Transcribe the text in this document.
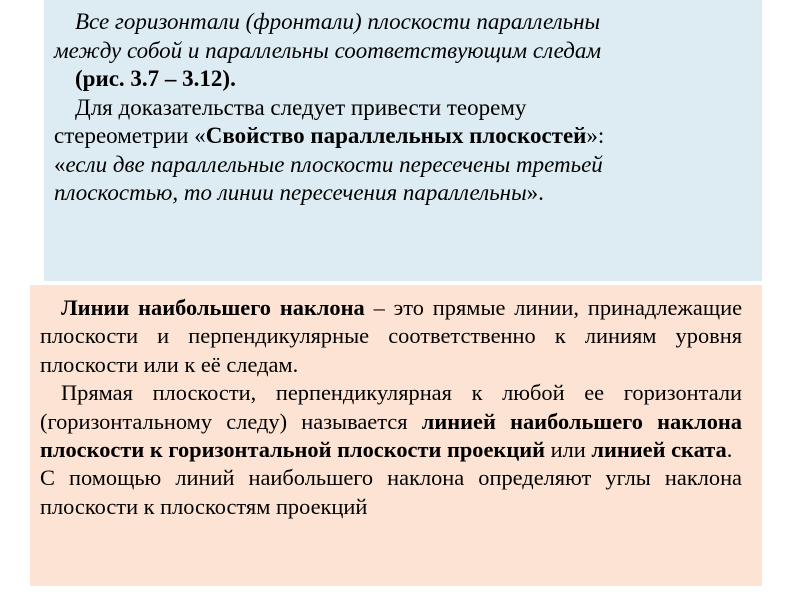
Все горизонтали (фронтали) плоскости параллельны
между собой и параллельны соответствующим следам
(рис. 3.7 – 3.12).

Для доказательства следует привести теорему
стереометрии «Свойство параллельных плоскостей»:
«если две параллельные плоскости пересечены третьей плоскостью, то линии пересечения параллельны».

Линии наибольшего наклона – это прямые линии, принадлежащие плоскости и перпендикулярные соответственно к линиям уровня плоскости или к её следам.

Прямая плоскости, перпендикулярная к любой ее горизонтали (горизонтальному следу) называется линией наибольшего наклона плоскости к горизонтальной плоскости проекций или линией ската.

С помощью линий наибольшего наклона определяют углы наклона плоскости к плоскостям проекций
